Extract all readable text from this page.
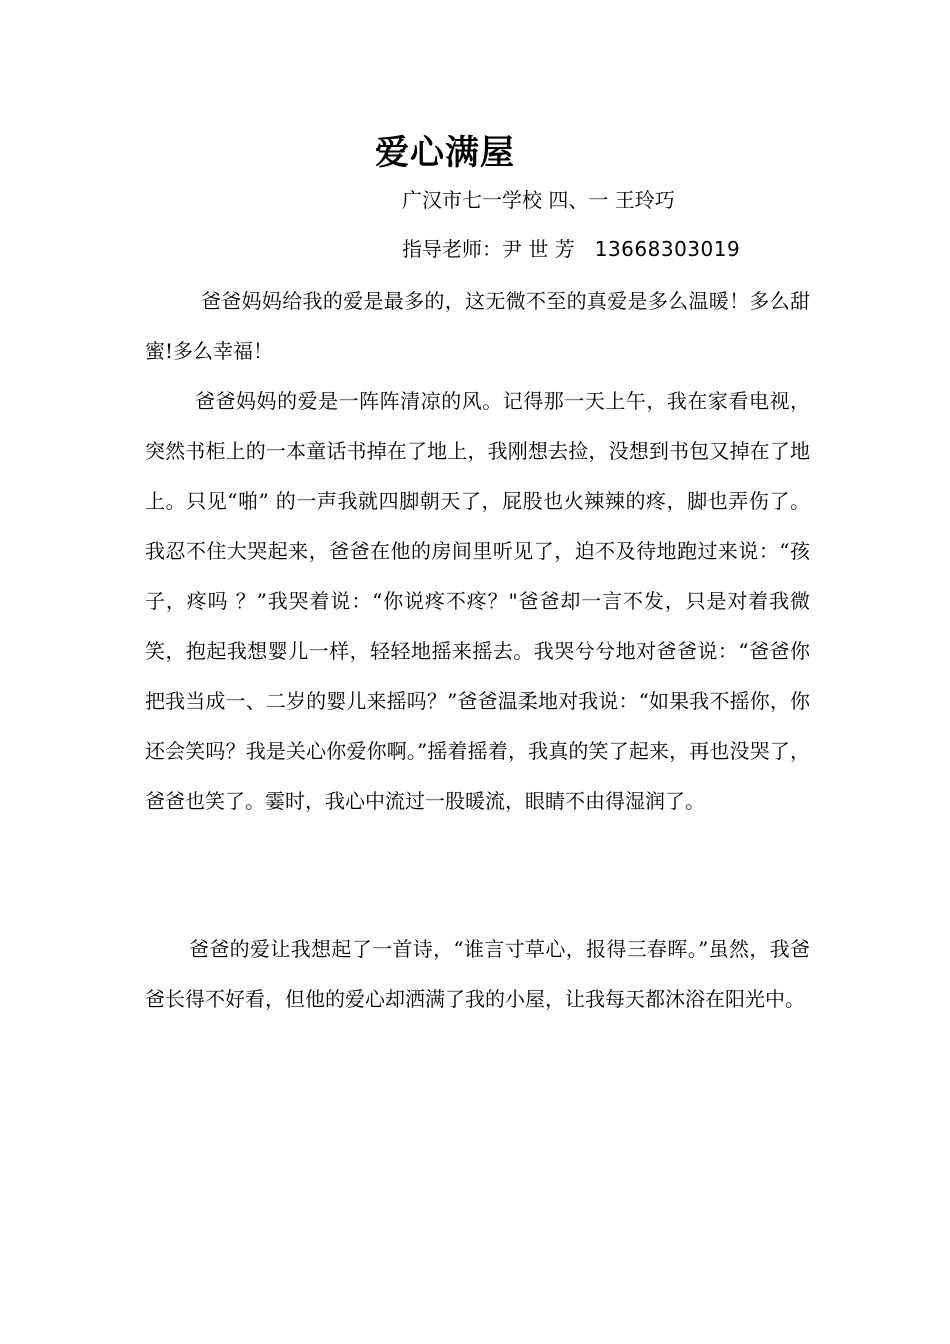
爱心满屋
广汉市七一学校 四、一 王玲巧
指导老师：尹 世 芳 13668303019

爸爸妈妈给我的爱是最多的，这无微不至的真爱是多么温暖！多么甜蜜!多么幸福！

爸爸妈妈的爱是一阵阵清凉的风。记得那一天上午，我在家看电视，突然书柜上的一本童话书掉在了地上，我刚想去捡，没想到书包又掉在了地上。只见“啪” 的一声我就四脚朝天了，屁股也火辣辣的疼，脚也弄伤了。我忍不住大哭起来，爸爸在他的房间里听见了，迫不及待地跑过来说：“孩子，疼吗 ？”我哭着说：“你说疼不疼？"爸爸却一言不发，只是对着我微笑，抱起我想婴儿一样，轻轻地摇来摇去。我哭兮兮地对爸爸说：“爸爸你把我当成一、二岁的婴儿来摇吗？”爸爸温柔地对我说：“如果我不摇你，你还会笑吗？我是关心你爱你啊。”摇着摇着，我真的笑了起来，再也没哭了，爸爸也笑了。霎时，我心中流过一股暖流，眼睛不由得湿润了。

爸爸的爱让我想起了一首诗，“谁言寸草心，报得三春晖。”虽然，我爸爸长得不好看，但他的爱心却洒满了我的小屋，让我每天都沐浴在阳光中。
